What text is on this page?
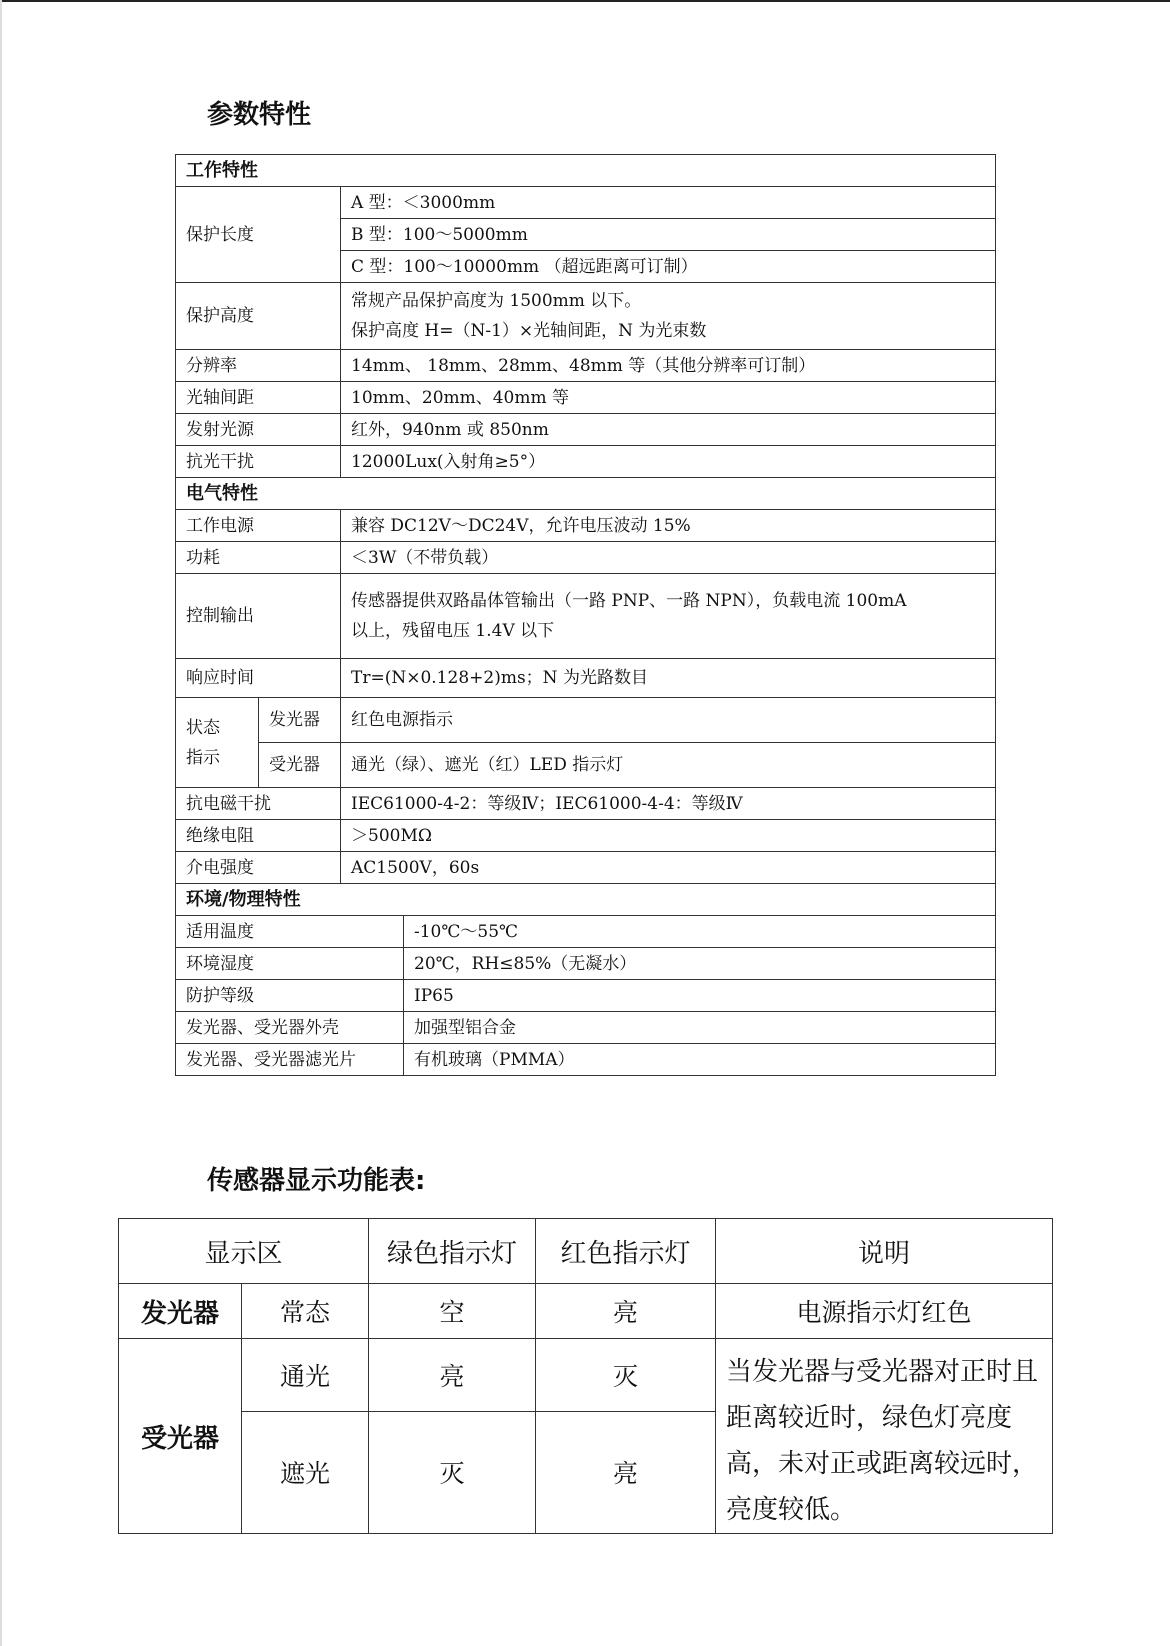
参数特性
工作特性			
保护长度		A 型：＜3000mm	
		B 型：100～5000mm	
		C 型：100～10000mm （超远距离可订制）	
保护高度		常规产品保护高度为 1500mm 以下。
保护高度 H=（N-1）×光轴间距，N 为光束数	

分辨率		14mm、 18mm、28mm、48mm 等（其他分辨率可订制）	
光轴间距		10mm、20mm、40mm 等	
发射光源		红外，940nm 或 850nm	
抗光干扰		12000Lux(入射角≥5°）	
电气特性			
工作电源		兼容 DC12V～DC24V，允许电压波动 15%	
功耗		＜3W（不带负载）	
控制输出		传感器提供双路晶体管输出（一路 PNP、一路 NPN），负载电流 100mA
以上，残留电压 1.4V 以下	

响应时间		Tr=(N×0.128+2)ms；N 为光路数目	

状态
指示	发光器	红色电源指示	
	受光器	通光（绿）、遮光（红）LED 指示灯	
抗电磁干扰		IEC61000-4-2：等级Ⅳ；IEC61000-4-4：等级Ⅳ	
绝缘电阻		＞500MΩ	
介电强度		AC1500V，60s	
环境/物理特性			
适用温度			-10℃～55℃
环境湿度			20℃，RH≤85%（无凝水）
防护等级			IP65
发光器、受光器外壳			加强型铝合金
发光器、受光器滤光片			有机玻璃（PMMA）
传感器显示功能表:
显示区		绿色指示灯	红色指示灯	说明
发光器	常态	空	亮	电源指示灯红色
受光器	通光	亮	灭	当发光器与受光器对正时且距离较近时，绿色灯亮度高，未对正或距离较远时，亮度较低。
	遮光	灭	亮	
